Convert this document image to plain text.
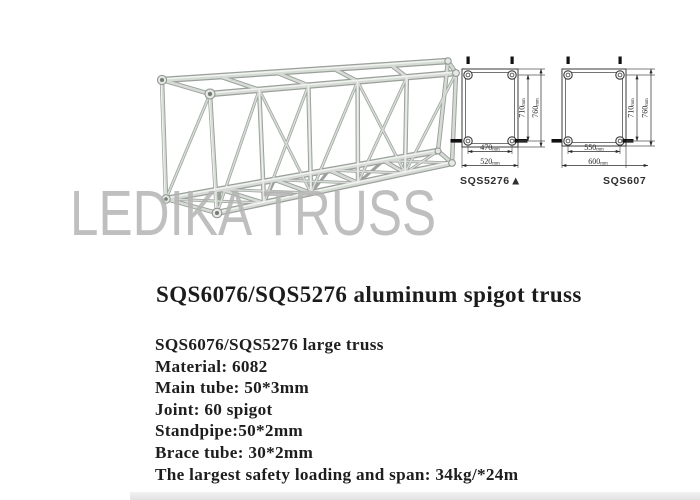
LEDIKA TRUSS
470mm
520mm
710mm
760mm
SQS5276▲
550mm
600mm
710mm
760mm
SQS607
SQS6076/SQS5276 aluminum spigot truss
SQS6076/SQS5276 large truss
Material: 6082
Main tube: 50*3mm
Joint: 60 spigot
Standpipe:50*2mm
Brace tube: 30*2mm
The largest safety loading and span: 34kg/*24m
